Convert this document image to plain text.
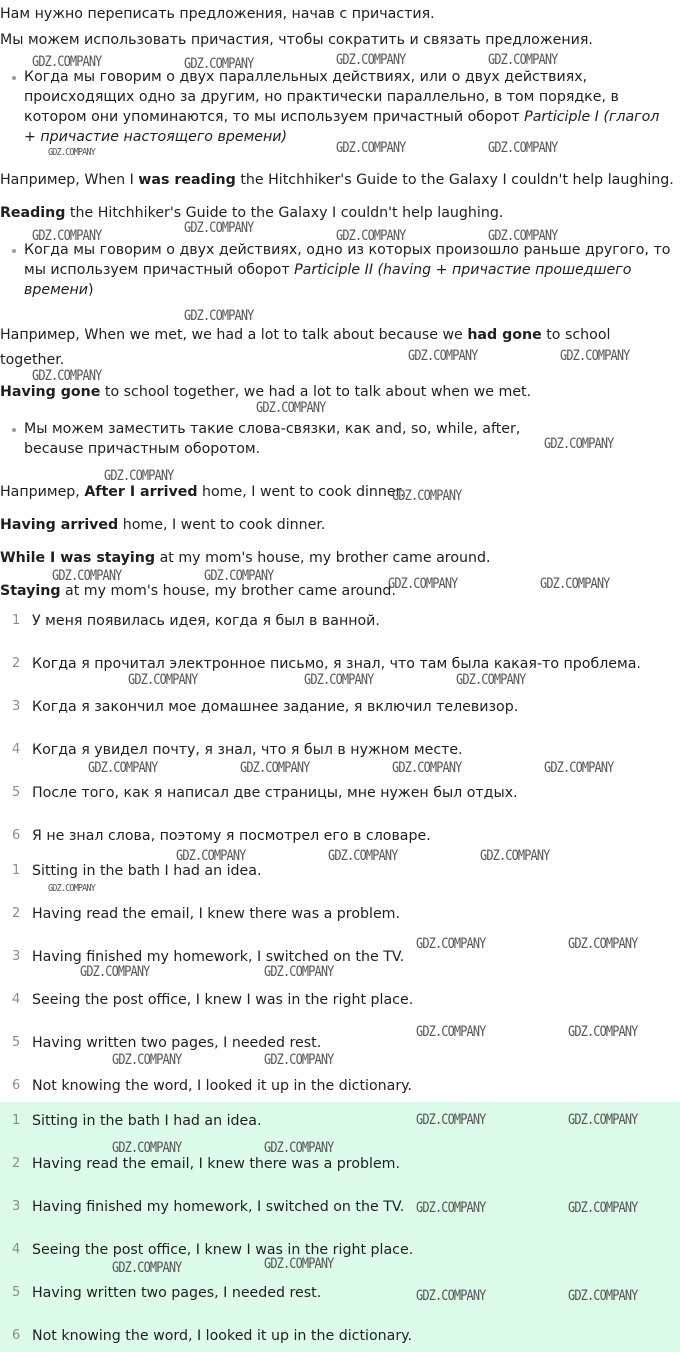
Нам нужно переписать предложения, начав с причастия.

Мы можем использовать причастия, чтобы сократить и связать предложения.

Когда мы говорим о двух параллельных действиях, или о двух действиях, происходящих одно за другим, но практически параллельно, в том порядке, в котором они упоминаются, то мы используем причастный оборот Participle I (глагол + причастие настоящего времени)

Например, When I was reading the Hitchhiker's Guide to the Galaxy I couldn't help laughing.

Reading the Hitchhiker's Guide to the Galaxy I couldn't help laughing.

Когда мы говорим о двух действиях, одно из которых произошло раньше другого, то мы используем причастный оборот Participle II (having + причастие прошедшего времени)

Например, When we met, we had a lot to talk about because we had gone to school together.

Having gone to school together, we had a lot to talk about when we met.

Мы можем заместить такие слова-связки, как and, so, while, after, because причастным оборотом.

Например, After I arrived home, I went to cook dinner.

Having arrived home, I went to cook dinner.

While I was staying at my mom's house, my brother came around.

Staying at my mom's house, my brother came around.

1 У меня появилась идея, когда я был в ванной.
2 Когда я прочитал электронное письмо, я знал, что там была какая-то проблема.
3 Когда я закончил мое домашнее задание, я включил телевизор.
4 Когда я увидел почту, я знал, что я был в нужном месте.
5 После того, как я написал две страницы, мне нужен был отдых.
6 Я не знал слова, поэтому я посмотрел его в словаре.
1 Sitting in the bath I had an idea.
2 Having read the email, I knew there was a problem.
3 Having finished my homework, I switched on the TV.
4 Seeing the post office, I knew I was in the right place.
5 Having written two pages, I needed rest.
6 Not knowing the word, I looked it up in the dictionary.
1 Sitting in the bath I had an idea.
2 Having read the email, I knew there was a problem.
3 Having finished my homework, I switched on the TV.
4 Seeing the post office, I knew I was in the right place.
5 Having written two pages, I needed rest.
6 Not knowing the word, I looked it up in the dictionary.
GDZ.COMPANY	GDZ.COMPANY	GDZ.COMPANY	GDZ.COMPANY
GDZ.COMPANY	GDZ.COMPANY	GDZ.COMPANY
GDZ.COMPANY	GDZ.COMPANY	GDZ.COMPANY	GDZ.COMPANY
GDZ.COMPANY
GDZ.COMPANY	GDZ.COMPANY
GDZ.COMPANY
GDZ.COMPANY
GDZ.COMPANY
GDZ.COMPANY
GDZ.COMPANY
GDZ.COMPANY	GDZ.COMPANY	GDZ.COMPANY	GDZ.COMPANY
GDZ.COMPANY	GDZ.COMPANY	GDZ.COMPANY
GDZ.COMPANY	GDZ.COMPANY	GDZ.COMPANY	GDZ.COMPANY
GDZ.COMPANY	GDZ.COMPANY	GDZ.COMPANY
GDZ.COMPANY
GDZ.COMPANY	GDZ.COMPANY
GDZ.COMPANY	GDZ.COMPANY
GDZ.COMPANY	GDZ.COMPANY
GDZ.COMPANY	GDZ.COMPANY
GDZ.COMPANY	GDZ.COMPANY
GDZ.COMPANY	GDZ.COMPANY
GDZ.COMPANY	GDZ.COMPANY
GDZ.COMPANY	GDZ.COMPANY
GDZ.COMPANY	GDZ.COMPANY
